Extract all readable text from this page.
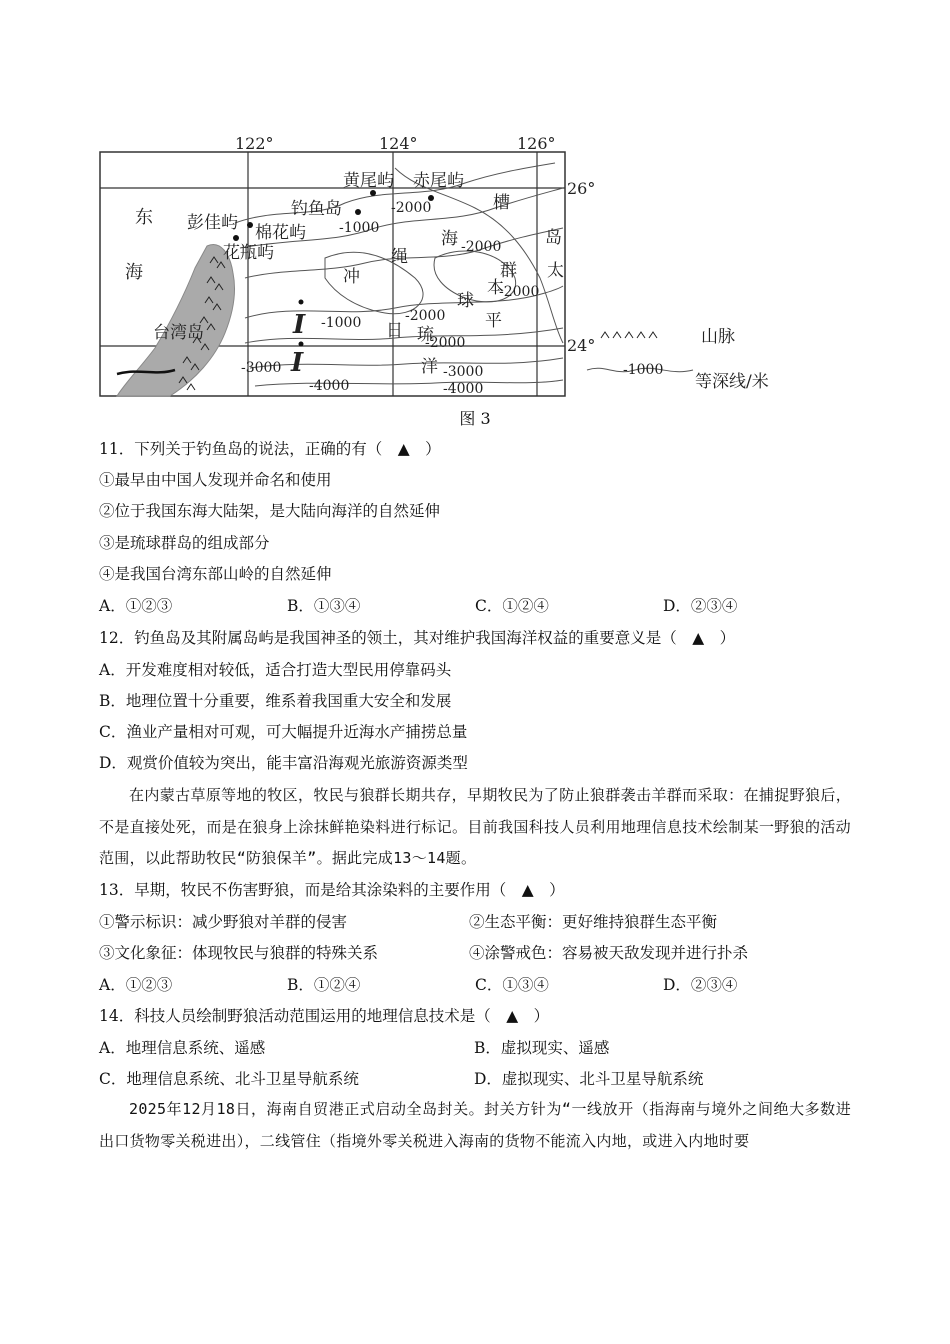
122°	124°	126°
26°
24°
黄尾屿 赤尾屿
钓鱼岛
彭佳屿 棉花屿
花瓶屿
台湾岛
东
海	冲
绳
海
槽
琉
球
群
岛
太
平
洋
日
本
I
I
-2000
-1000
-2000
-2000
-1000	-2000
-2000
-3000
-4000
-3000
-4000
山脉
-1000
等深线/米
图 3
11．下列关于钓鱼岛的说法，正确的有（　▲　）
①最早由中国人发现并命名和使用
②位于我国东海大陆架，是大陆向海洋的自然延伸
③是琉球群岛的组成部分
④是我国台湾东部山岭的自然延伸
A．①②③	B．①③④	C．①②④	D．②③④
12．钓鱼岛及其附属岛屿是我国神圣的领土，其对维护我国海洋权益的重要意义是（　▲　）
A．开发难度相对较低，适合打造大型民用停靠码头
B．地理位置十分重要，维系着我国重大安全和发展
C．渔业产量相对可观，可大幅提升近海水产捕捞总量
D．观赏价值较为突出，能丰富沿海观光旅游资源类型
在内蒙古草原等地的牧区，牧民与狼群长期共存，早期牧民为了防止狼群袭击羊群而采取：在捕捉野狼后，不是直接处死，而是在狼身上涂抹鲜艳染料进行标记。目前我国科技人员利用地理信息技术绘制某一野狼的活动范围，以此帮助牧民“防狼保羊”。据此完成13～14题。
13．早期，牧民不伤害野狼，而是给其涂染料的主要作用（　▲　）
①警示标识：减少野狼对羊群的侵害	②生态平衡：更好维持狼群生态平衡
③文化象征：体现牧民与狼群的特殊关系	④涂警戒色：容易被天敌发现并进行扑杀
A．①②③	B．①②④	C．①③④	D．②③④
14．科技人员绘制野狼活动范围运用的地理信息技术是（　▲　）
A．地理信息系统、遥感	B．虚拟现实、遥感
C．地理信息系统、北斗卫星导航系统	D．虚拟现实、北斗卫星导航系统
2025年12月18日，海南自贸港正式启动全岛封关。封关方针为“一线放开（指海南与境外之间绝大多数进出口货物零关税进出），二线管住（指境外零关税进入海南的货物不能流入内地，或进入内地时要
